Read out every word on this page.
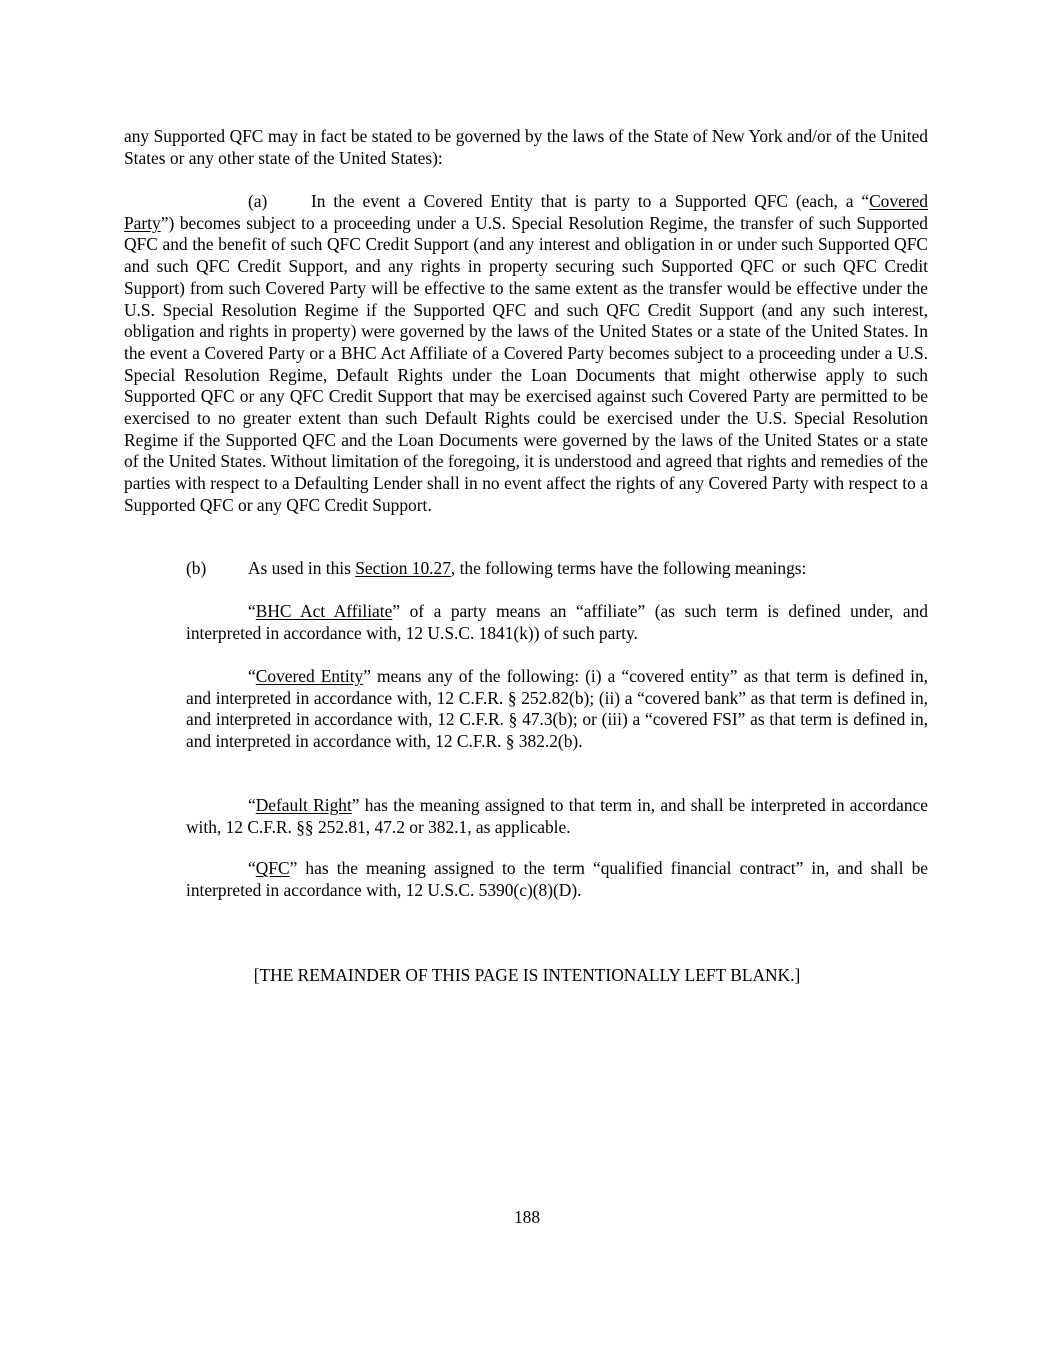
any Supported QFC may in fact be stated to be governed by the laws of the State of New York and/or of the United States or any other state of the United States):

(a)	In the event a Covered Entity that is party to a Supported QFC (each, a “Covered Party”) becomes subject to a proceeding under a U.S. Special Resolution Regime, the transfer of such Supported QFC and the benefit of such QFC Credit Support (and any interest and obligation in or under such Supported QFC and such QFC Credit Support, and any rights in property securing such Supported QFC or such QFC Credit Support) from such Covered Party will be effective to the same extent as the transfer would be effective under the U.S. Special Resolution Regime if the Supported QFC and such QFC Credit Support (and any such interest, obligation and rights in property) were governed by the laws of the United States or a state of the United States. In the event a Covered Party or a BHC Act Affiliate of a Covered Party becomes subject to a proceeding under a U.S. Special Resolution Regime, Default Rights under the Loan Documents that might otherwise apply to such Supported QFC or any QFC Credit Support that may be exercised against such Covered Party are permitted to be exercised to no greater extent than such Default Rights could be exercised under the U.S. Special Resolution Regime if the Supported QFC and the Loan Documents were governed by the laws of the United States or a state of the United States. Without limitation of the foregoing, it is understood and agreed that rights and remedies of the parties with respect to a Defaulting Lender shall in no event affect the rights of any Covered Party with respect to a Supported QFC or any QFC Credit Support.

(b) As used in this Section 10.27, the following terms have the following meanings:

“BHC Act Affiliate” of a party means an “affiliate” (as such term is defined under, and interpreted in accordance with, 12 U.S.C. 1841(k)) of such party.

“Covered Entity” means any of the following: (i) a “covered entity” as that term is defined in, and interpreted in accordance with, 12 C.F.R. § 252.82(b); (ii) a “covered bank” as that term is defined in, and interpreted in accordance with, 12 C.F.R. § 47.3(b); or (iii) a “covered FSI” as that term is defined in, and interpreted in accordance with, 12 C.F.R. § 382.2(b).

“Default Right” has the meaning assigned to that term in, and shall be interpreted in accordance with, 12 C.F.R. §§ 252.81, 47.2 or 382.1, as applicable.

“QFC” has the meaning assigned to the term “qualified financial contract” in, and shall be interpreted in accordance with, 12 U.S.C. 5390(c)(8)(D).

[THE REMAINDER OF THIS PAGE IS INTENTIONALLY LEFT BLANK.]

188
